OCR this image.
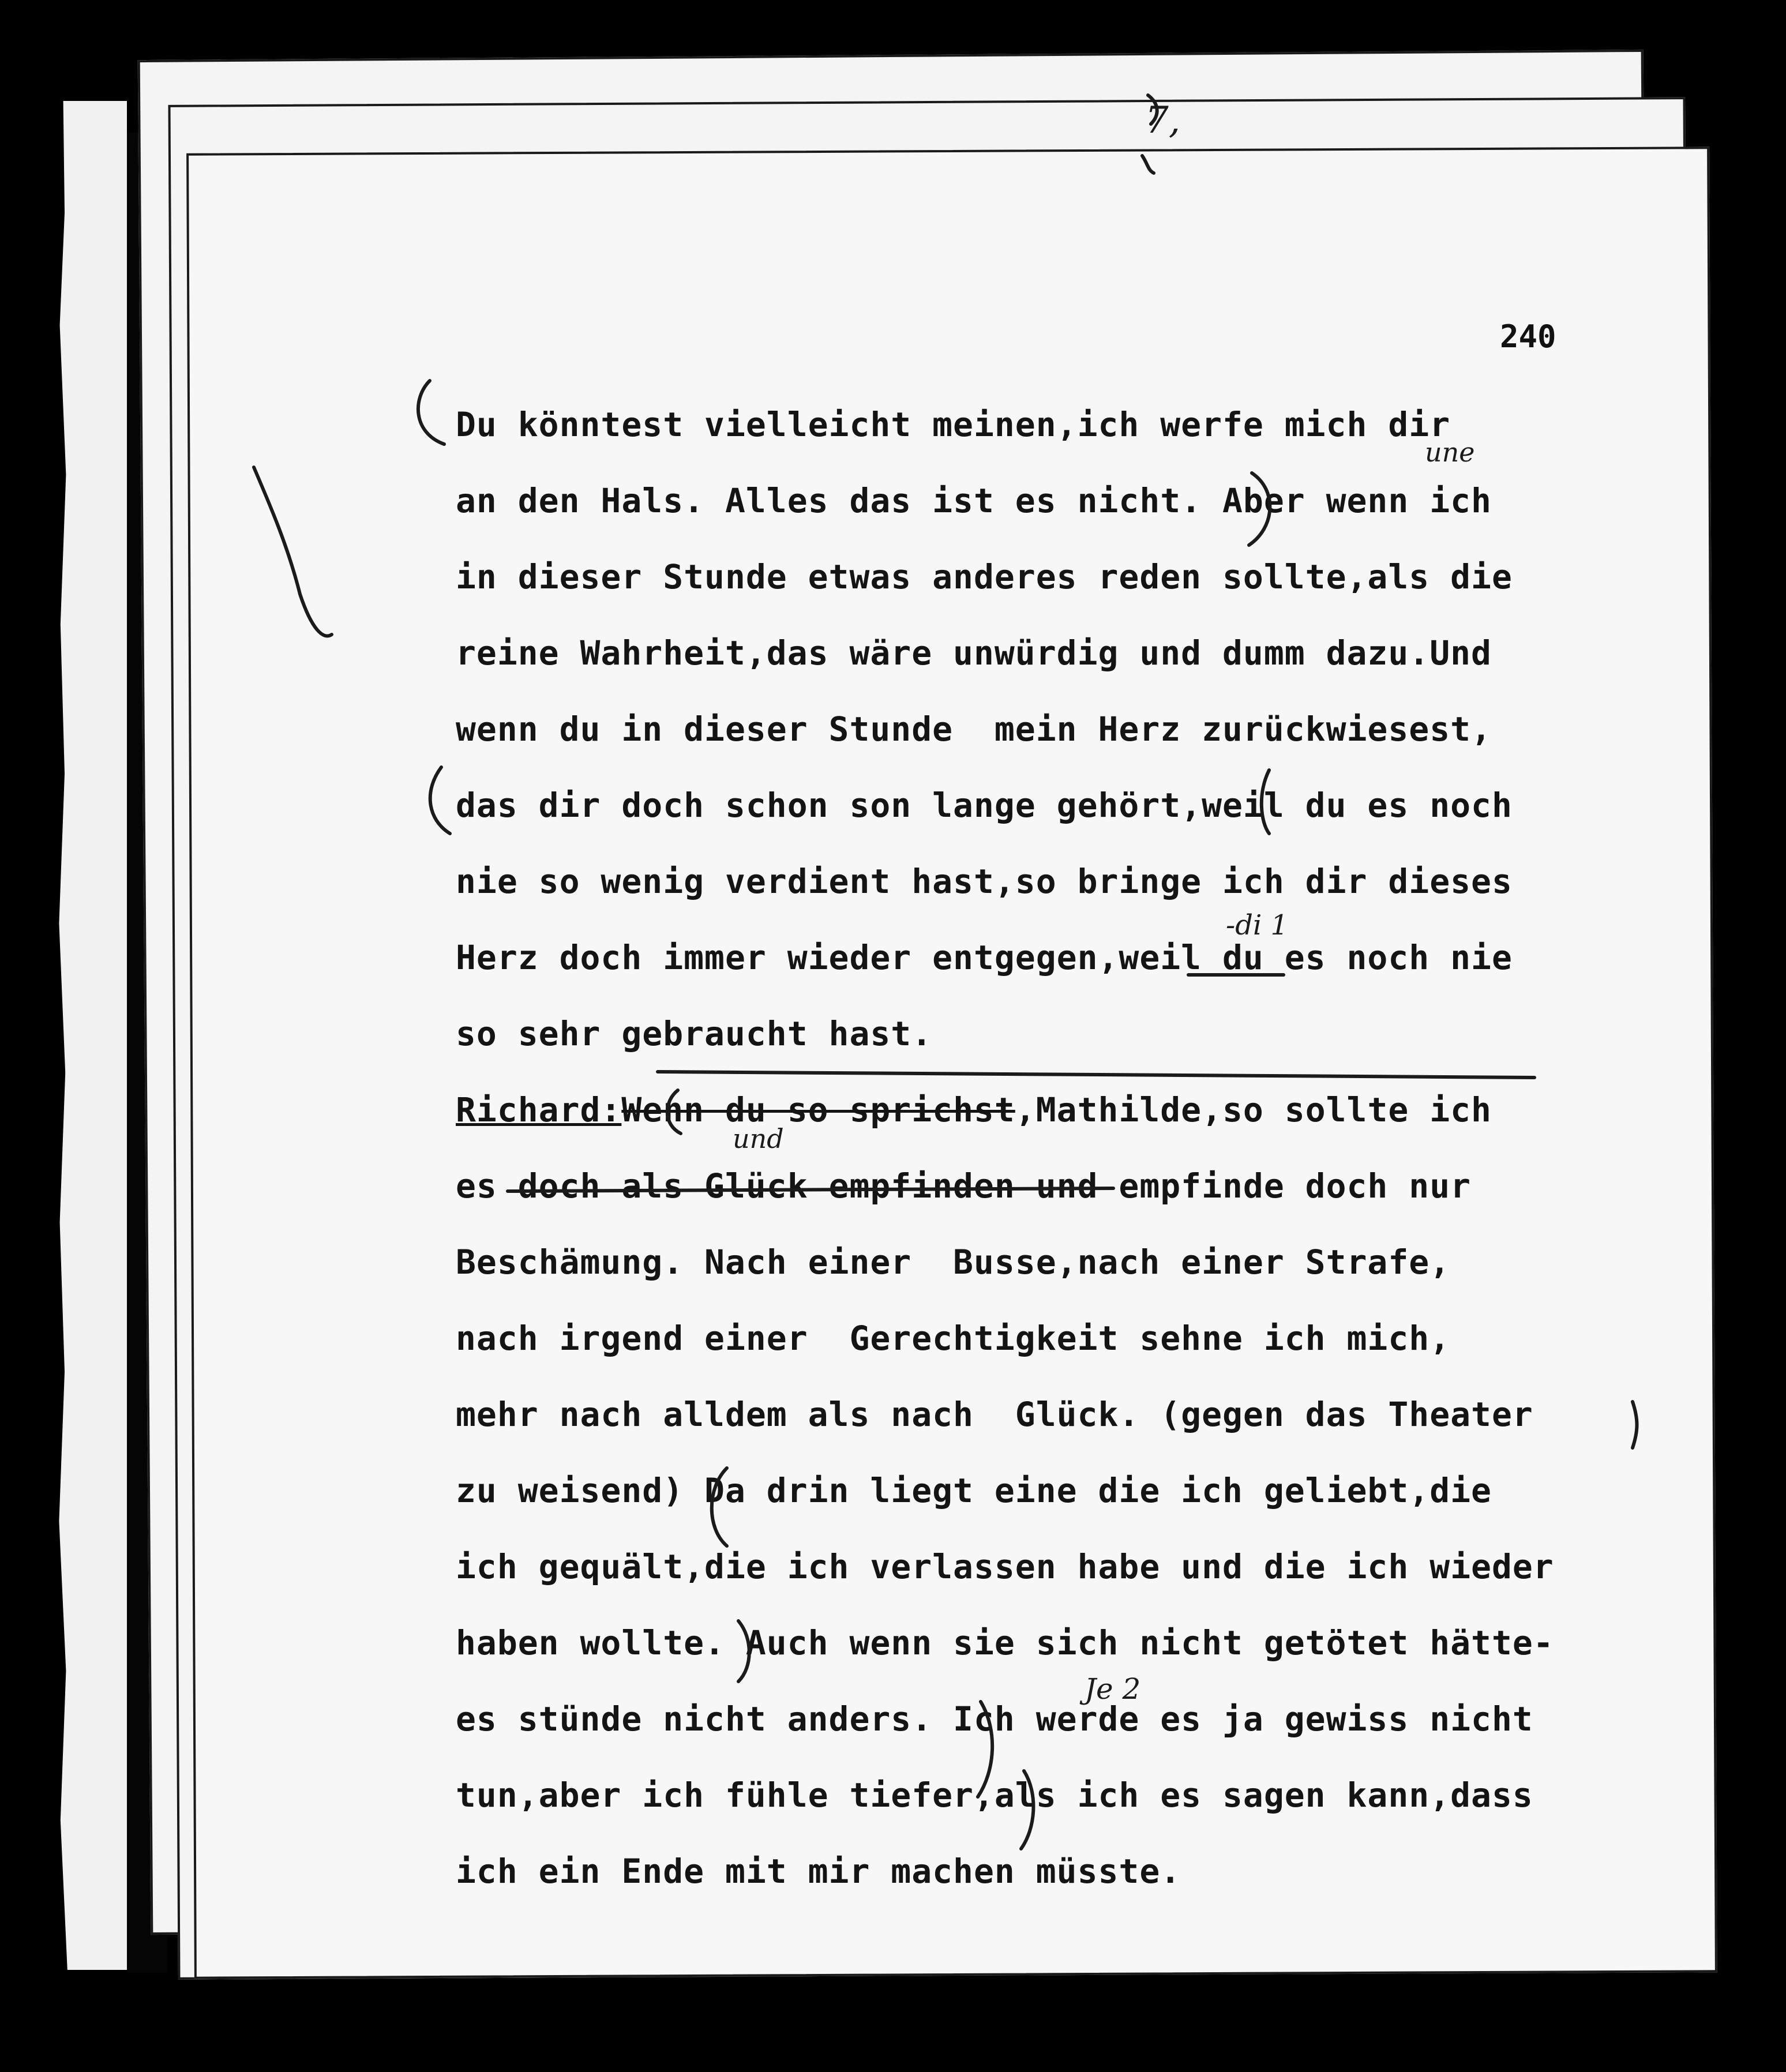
240
Du könntest vielleicht meinen,ich werfe mich dir
an den Hals. Alles das ist es nicht. Aber wenn ich
in dieser Stunde etwas anderes reden sollte,als die
reine Wahrheit,das wäre unwürdig und dumm dazu.Und
wenn du in dieser Stunde  mein Herz zurückwiesest,
das dir doch schon son lange gehört,weil du es noch
nie so wenig verdient hast,so bringe ich dir dieses
Herz doch immer wieder entgegen,weil du es noch nie
so sehr gebraucht hast.
Richard:Wenn du so sprichst,Mathilde,so sollte ich
es doch als Glück empfinden und empfinde doch nur
Beschämung. Nach einer  Busse,nach einer Strafe,
nach irgend einer  Gerechtigkeit sehne ich mich,
mehr nach alldem als nach  Glück. (gegen das Theater
zu weisend) Da drin liegt eine die ich geliebt,die
ich gequält,die ich verlassen habe und die ich wieder
haben wollte. Auch wenn sie sich nicht getötet hätte-
es stünde nicht anders. Ich werde es ja gewiss nicht
tun,aber ich fühle tiefer,als ich es sagen kann,dass
ich ein Ende mit mir machen müsste.
7,
une
-di 1
und
Je 2
